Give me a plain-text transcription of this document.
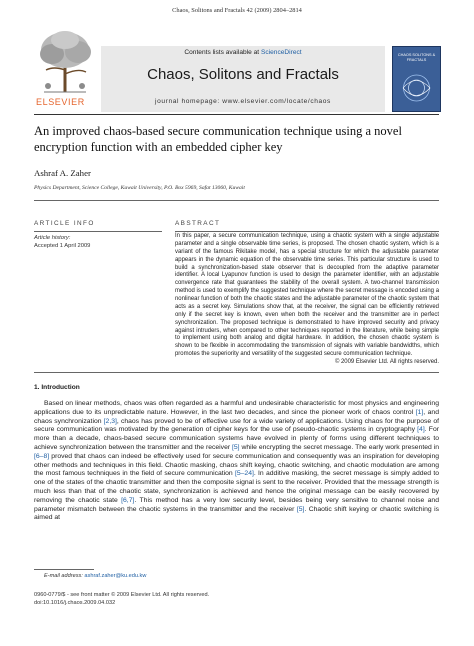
Chaos, Solitons and Fractals 42 (2009) 2804–2814
ELSEVIER
Contents lists available at ScienceDirect
Chaos, Solitons and Fractals
journal homepage: www.elsevier.com/locate/chaos
CHAOS SOLITONS & FRACTALS
An improved chaos-based secure communication technique using a novel encryption function with an embedded cipher key
Ashraf A. Zaher
Physics Department, Science College, Kuwait University, P.O. Box 5969, Safat 13060, Kuwait
ARTICLE INFO
Article history:
Accepted 1 April 2009
ABSTRACT
In this paper, a secure communication technique, using a chaotic system with a single adjustable parameter and a single observable time series, is proposed. The chosen chaotic system, which is a variant of the famous Rikitake model, has a special structure for which the adjustable parameter appears in the dynamic equation of the observable time series. This particular structure is used to build a synchronization-based state observer that is decoupled from the adaptive parameter identifier. A local Lyapunov function is used to design the parameter identifier, with an adjustable convergence rate that guarantees the stability of the overall system. A two-channel transmission method is used to exemplify the suggested technique where the secret message is encoded using a nonlinear function of both the chaotic states and the adjustable parameter of the chaotic system that acts as a secret key. Simulations show that, at the receiver, the signal can be efficiently retrieved only if the secret key is known, even when both the receiver and the transmitter are in perfect synchronization. The proposed technique is demonstrated to have improved security and privacy against intruders, when compared to other techniques reported in the literature, while being simple to implement using both analog and digital hardware. In addition, the chosen chaotic system is shown to be flexible in accommodating the transmission of signals with variable bandwidths, which promotes the superiority and versatility of the suggested secure communication technique.
© 2009 Elsevier Ltd. All rights reserved.
1. Introduction
Based on linear methods, chaos was often regarded as a harmful and undesirable characteristic for most physics and engineering applications due to its unpredictable nature. However, in the last two decades, and since the pioneer work of chaos control [1], and chaos synchronization [2,3], chaos has proved to be of effective use for a wide variety of applications. Using chaos for the purpose of secure communication was motivated by the generation of cipher keys for the use of pseudo-chaotic systems in cryptography [4]. For more than a decade, chaos-based secure communication systems have evolved in plenty of forms using different techniques to achieve synchronization between the transmitter and the receiver [5] while encrypting the secret message. The early work presented in [6–8] proved that chaos can indeed be effectively used for secure communication and consequently was an inspiration for developing other methods and techniques in this field. Chaotic masking, chaos shift keying, chaotic switching, and chaotic modulation are among the most famous techniques in the field of secure communication [5–24]. In additive masking, the secret message is simply added to one of the states of the chaotic transmitter and then the composite signal is sent to the receiver. Provided that the message strength is much less than that of the chaotic state, synchronization is achieved and hence the original message can be easily recovered by removing the chaotic state [6,7]. This method has a very low security level, besides being very sensitive to channel noise and parameter mismatch between the chaotic systems in the transmitter and the receiver [5]. Chaotic shift keying or chaotic switching is aimed at
E-mail address: ashraf.zaher@ku.edu.kw
0960-0779/$ - see front matter © 2009 Elsevier Ltd. All rights reserved.
doi:10.1016/j.chaos.2009.04.032
